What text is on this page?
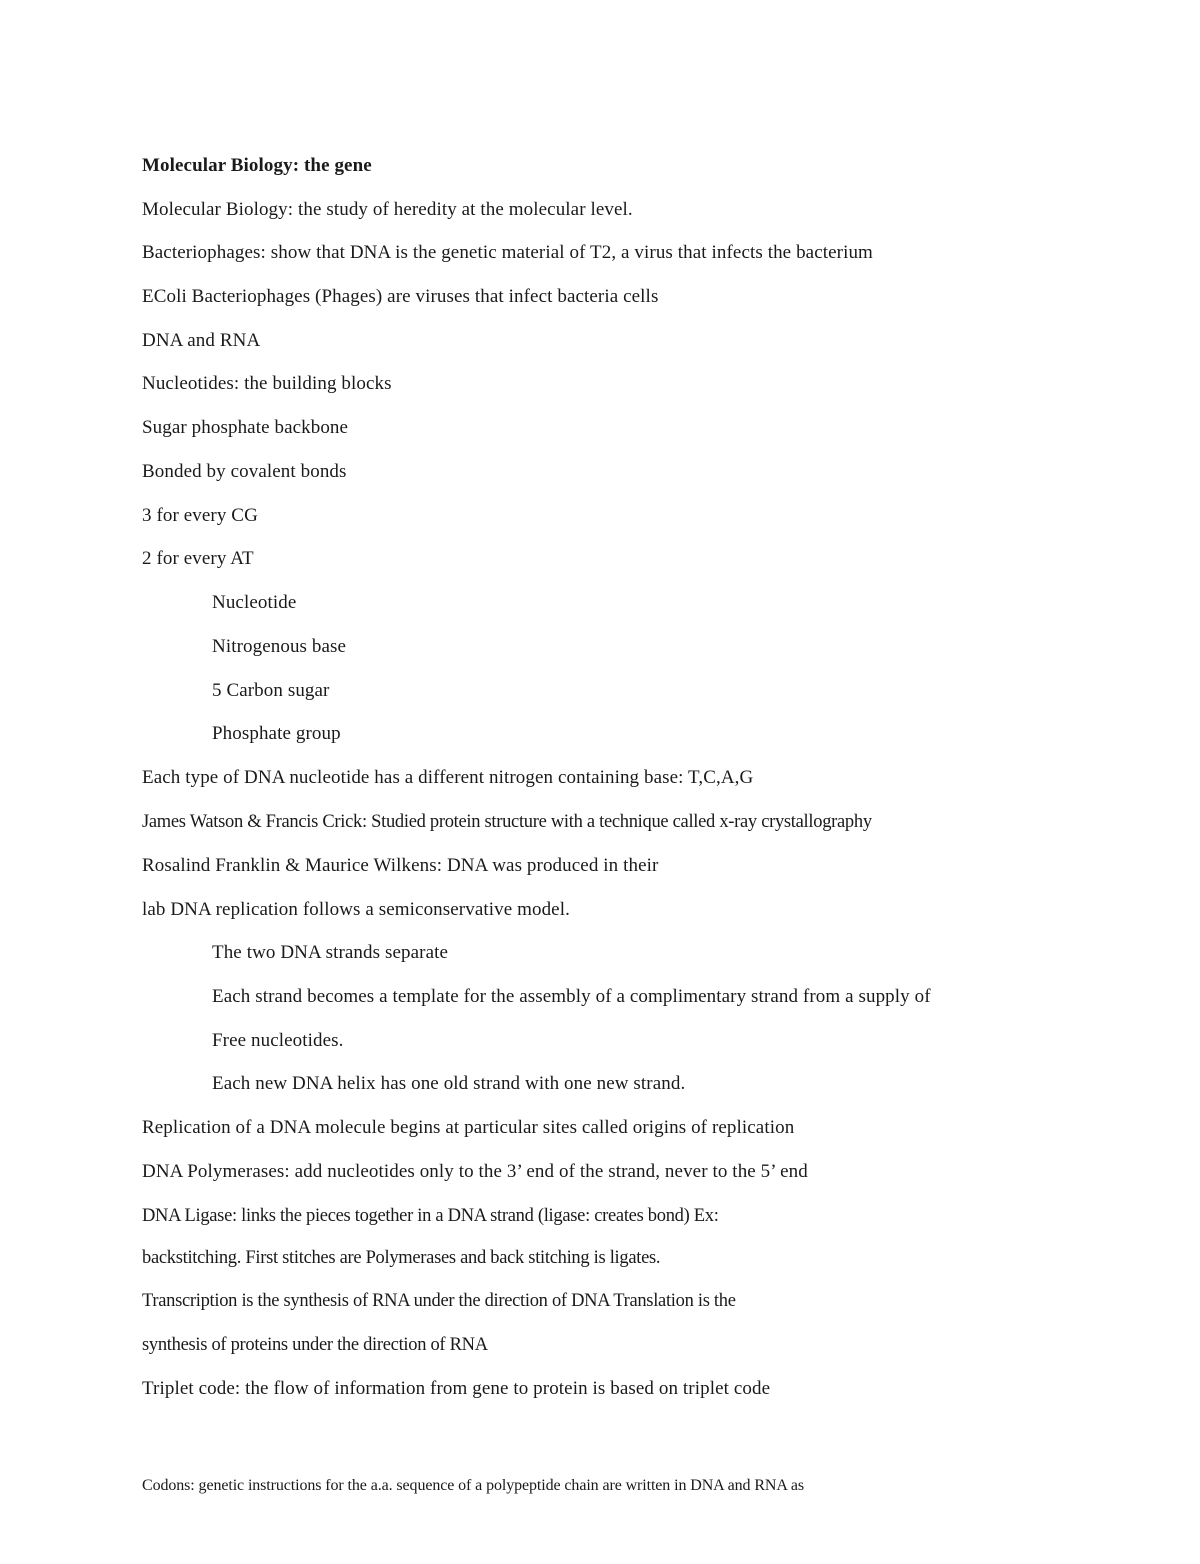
Molecular Biology: the gene
Molecular Biology: the study of heredity at the molecular level.
Bacteriophages: show that DNA is the genetic material of T2, a virus that infects the bacterium
EColi Bacteriophages (Phages) are viruses that infect bacteria cells
DNA and RNA
Nucleotides: the building blocks
Sugar phosphate backbone
Bonded by covalent bonds
3 for every CG
2 for every AT
Nucleotide
Nitrogenous base
5 Carbon sugar
Phosphate group
Each type of DNA nucleotide has a different nitrogen containing base: T,C,A,G
James Watson & Francis Crick: Studied protein structure with a technique called x-ray crystallography
Rosalind Franklin & Maurice Wilkens: DNA was produced in their
lab DNA replication follows a semiconservative model.
The two DNA strands separate
Each strand becomes a template for the assembly of a complimentary strand from a supply of
Free nucleotides.
Each new DNA helix has one old strand with one new strand.
Replication of a DNA molecule begins at particular sites called origins of replication
DNA Polymerases: add nucleotides only to the 3’ end of the strand, never to the 5’ end
DNA Ligase: links the pieces together in a DNA strand (ligase: creates bond) Ex:
backstitching. First stitches are Polymerases and back stitching is ligates.
Transcription is the synthesis of RNA under the direction of DNA Translation is the
synthesis of proteins under the direction of RNA
Triplet code: the flow of information from gene to protein is based on triplet code
Codons: genetic instructions for the a.a. sequence of a polypeptide chain are written in DNA and RNA as
